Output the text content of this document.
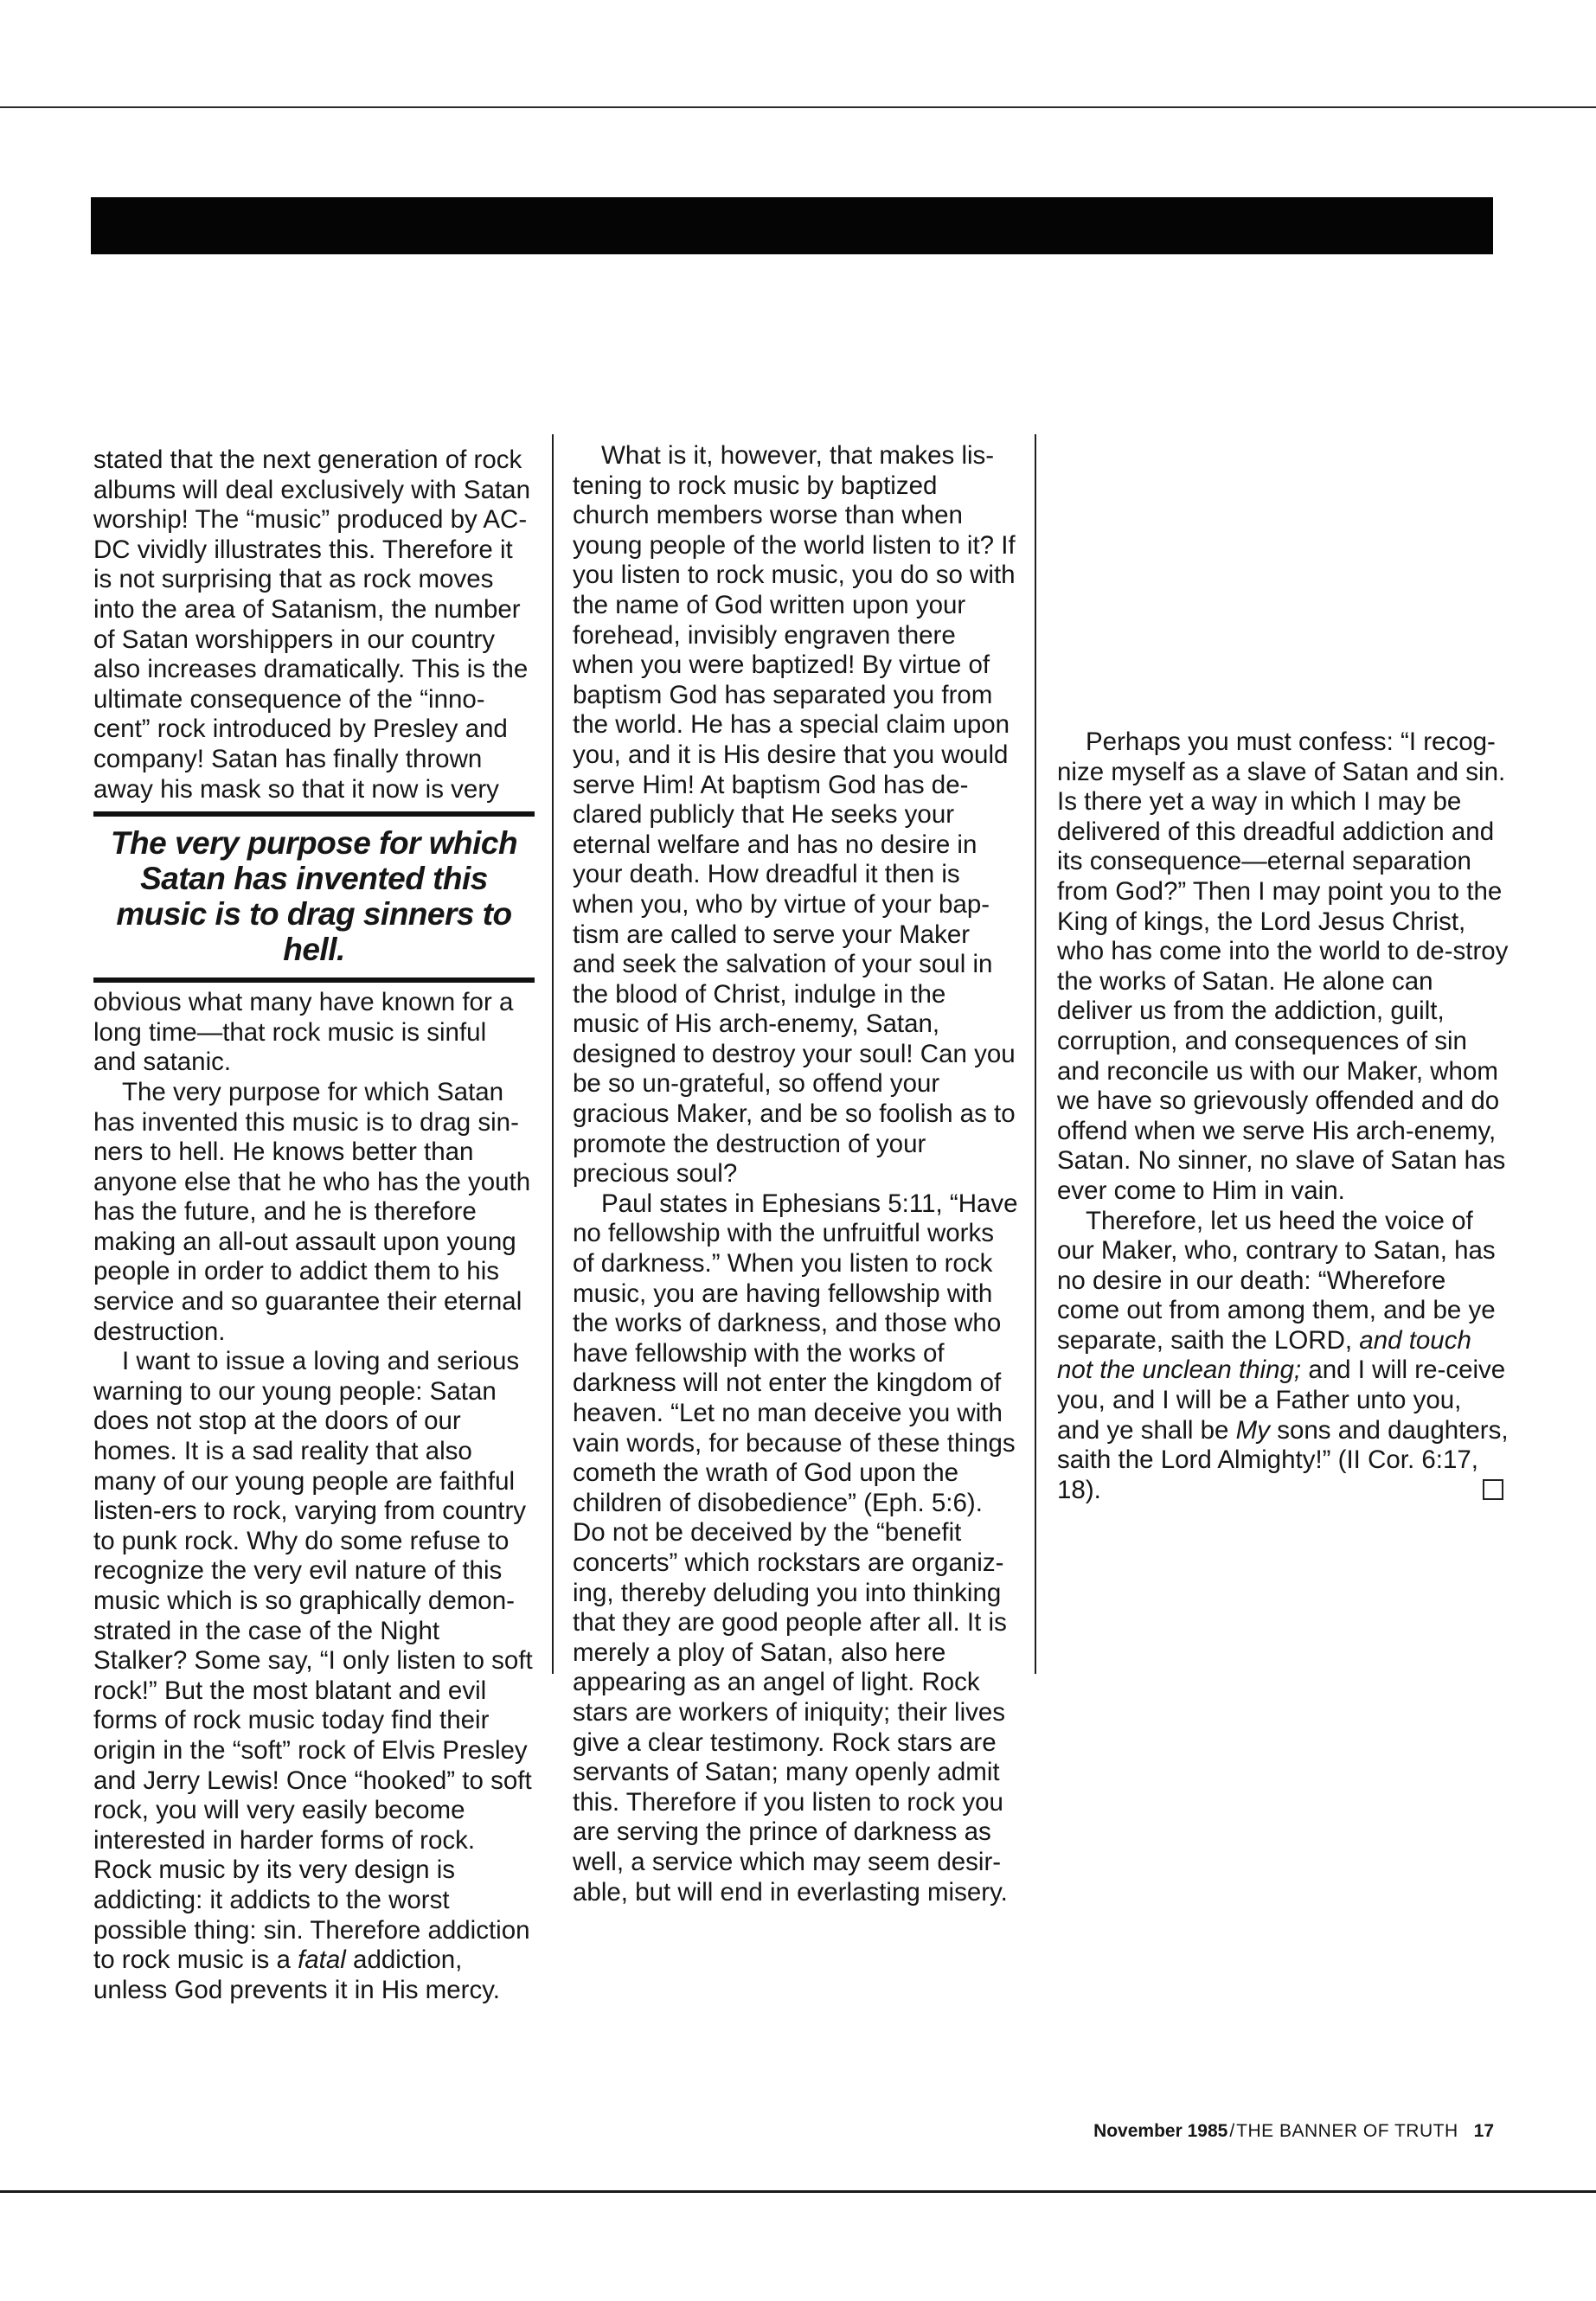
stated that the next generation of rock albums will deal exclusively with Satan worship! The “music” produced by AC-DC vividly illustrates this. Therefore it is not surprising that as rock moves into the area of Satanism, the number of Satan worshippers in our country also increases dramatically. This is the ultimate consequence of the “inno-cent” rock introduced by Presley and company! Satan has finally thrown away his mask so that it now is very

The very purpose for which Satan has invented this music is to drag sinners to hell.

obvious what many have known for a long time—that rock music is sinful and satanic.

The very purpose for which Satan has invented this music is to drag sin-ners to hell. He knows better than anyone else that he who has the youth has the future, and he is therefore making an all-out assault upon young people in order to addict them to his service and so guarantee their eternal destruction.

I want to issue a loving and serious warning to our young people: Satan does not stop at the doors of our homes. It is a sad reality that also many of our young people are faithful listen-ers to rock, varying from country to punk rock. Why do some refuse to recognize the very evil nature of this music which is so graphically demon-strated in the case of the Night Stalker? Some say, “I only listen to soft rock!” But the most blatant and evil forms of rock music today find their origin in the “soft” rock of Elvis Presley and Jerry Lewis! Once “hooked” to soft rock, you will very easily become interested in harder forms of rock. Rock music by its very design is addicting: it addicts to the worst possible thing: sin. Therefore addiction to rock music is a fatal addiction, unless God prevents it in His mercy.

What is it, however, that makes lis-tening to rock music by baptized church members worse than when young people of the world listen to it? If you listen to rock music, you do so with the name of God written upon your forehead, invisibly engraven there when you were baptized! By virtue of baptism God has separated you from the world. He has a special claim upon you, and it is His desire that you would serve Him! At baptism God has de-clared publicly that He seeks your eternal welfare and has no desire in your death. How dreadful it then is when you, who by virtue of your bap-tism are called to serve your Maker and seek the salvation of your soul in the blood of Christ, indulge in the music of His arch-enemy, Satan, designed to destroy your soul! Can you be so un-grateful, so offend your gracious Maker, and be so foolish as to promote the destruction of your precious soul?

Paul states in Ephesians 5:11, “Have no fellowship with the unfruitful works of darkness.” When you listen to rock music, you are having fellowship with the works of darkness, and those who have fellowship with the works of darkness will not enter the kingdom of heaven. “Let no man deceive you with vain words, for because of these things cometh the wrath of God upon the children of disobedience” (Eph. 5:6). Do not be deceived by the “benefit concerts” which rockstars are organiz-ing, thereby deluding you into thinking that they are good people after all. It is merely a ploy of Satan, also here appearing as an angel of light. Rock stars are workers of iniquity; their lives give a clear testimony. Rock stars are servants of Satan; many openly admit this. Therefore if you listen to rock you are serving the prince of darkness as well, a service which may seem desir-able, but will end in everlasting misery.

Perhaps you must confess: “I recog-nize myself as a slave of Satan and sin. Is there yet a way in which I may be delivered of this dreadful addiction and its consequence—eternal separation from God?” Then I may point you to the King of kings, the Lord Jesus Christ, who has come into the world to de-stroy the works of Satan. He alone can deliver us from the addiction, guilt, corruption, and consequences of sin and reconcile us with our Maker, whom we have so grievously offended and do offend when we serve His arch-enemy, Satan. No sinner, no slave of Satan has ever come to Him in vain.

Therefore, let us heed the voice of our Maker, who, contrary to Satan, has no desire in our death: “Wherefore come out from among them, and be ye separate, saith the LORD, and touch not the unclean thing; and I will re-ceive you, and I will be a Father unto you, and ye shall be My sons and daughters, saith the Lord Almighty!” (II Cor. 6:17, 18).

November 1985/THE BANNER OF TRUTH 17
